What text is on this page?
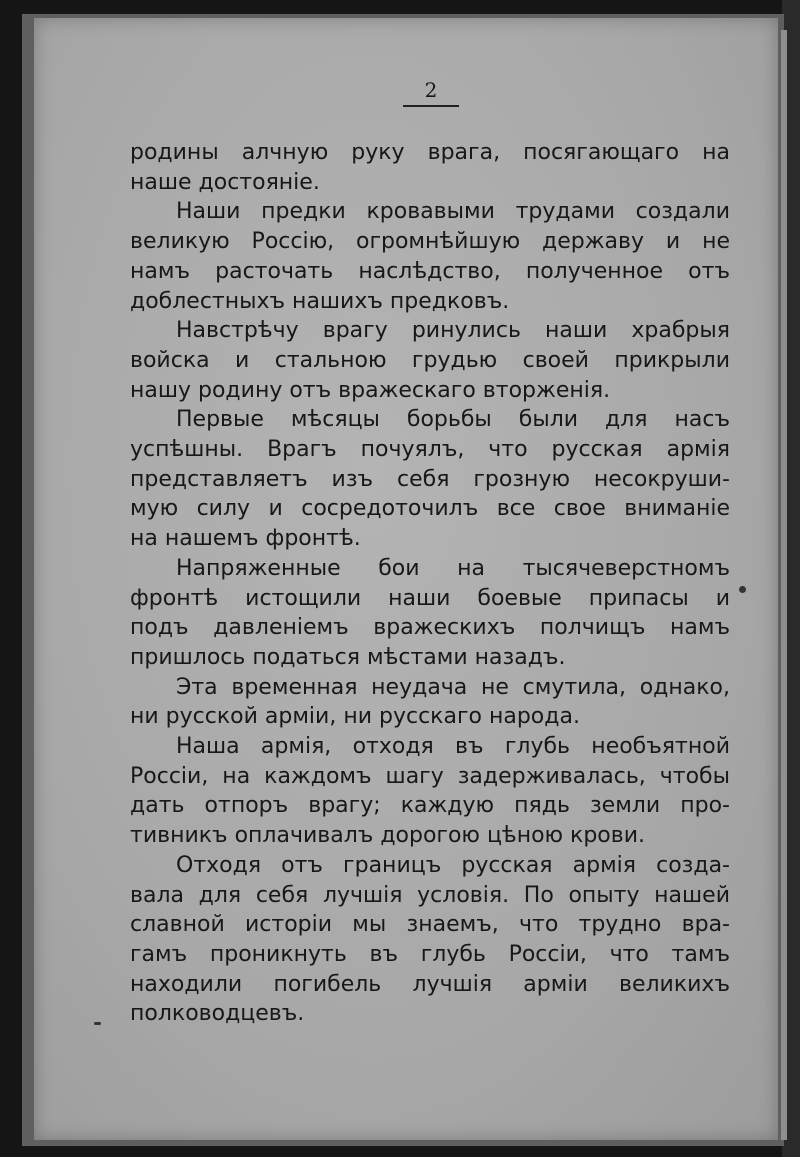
2
родины алчную руку врага, посягающаго на
наше достояніе.
Наши предки кровавыми трудами создали
великую Россію, огромнѣйшую державу и не
намъ расточать наслѣдство, полученное отъ
доблестныхъ нашихъ предковъ.
Навстрѣчу врагу ринулись наши храбрыя
войска и стальною грудью своей прикрыли
нашу родину отъ вражескаго вторженія.
Первые мѣсяцы борьбы были для насъ
успѣшны. Врагъ почуялъ, что русская армія
представляетъ изъ себя грозную несокруши-
мую силу и сосредоточилъ все свое вниманіе
на нашемъ фронтѣ.
Напряженные бои на тысячеверстномъ
фронтѣ истощили наши боевые припасы и
подъ давленіемъ вражескихъ полчищъ намъ
пришлось податься мѣстами назадъ.
Эта временная неудача не смутила, однако,
ни русской арміи, ни русскаго народа.
Наша армія, отходя въ глубь необъятной
Россіи, на каждомъ шагу задерживалась, чтобы
дать отпоръ врагу; каждую пядь земли про-
тивникъ оплачивалъ дорогою цѣною крови.
Отходя отъ границъ русская армія созда-
вала для себя лучшія условія. По опыту нашей
славной исторіи мы знаемъ, что трудно вра-
гамъ проникнуть въ глубь Россіи, что тамъ
находили погибель лучшія арміи великихъ
полководцевъ.
